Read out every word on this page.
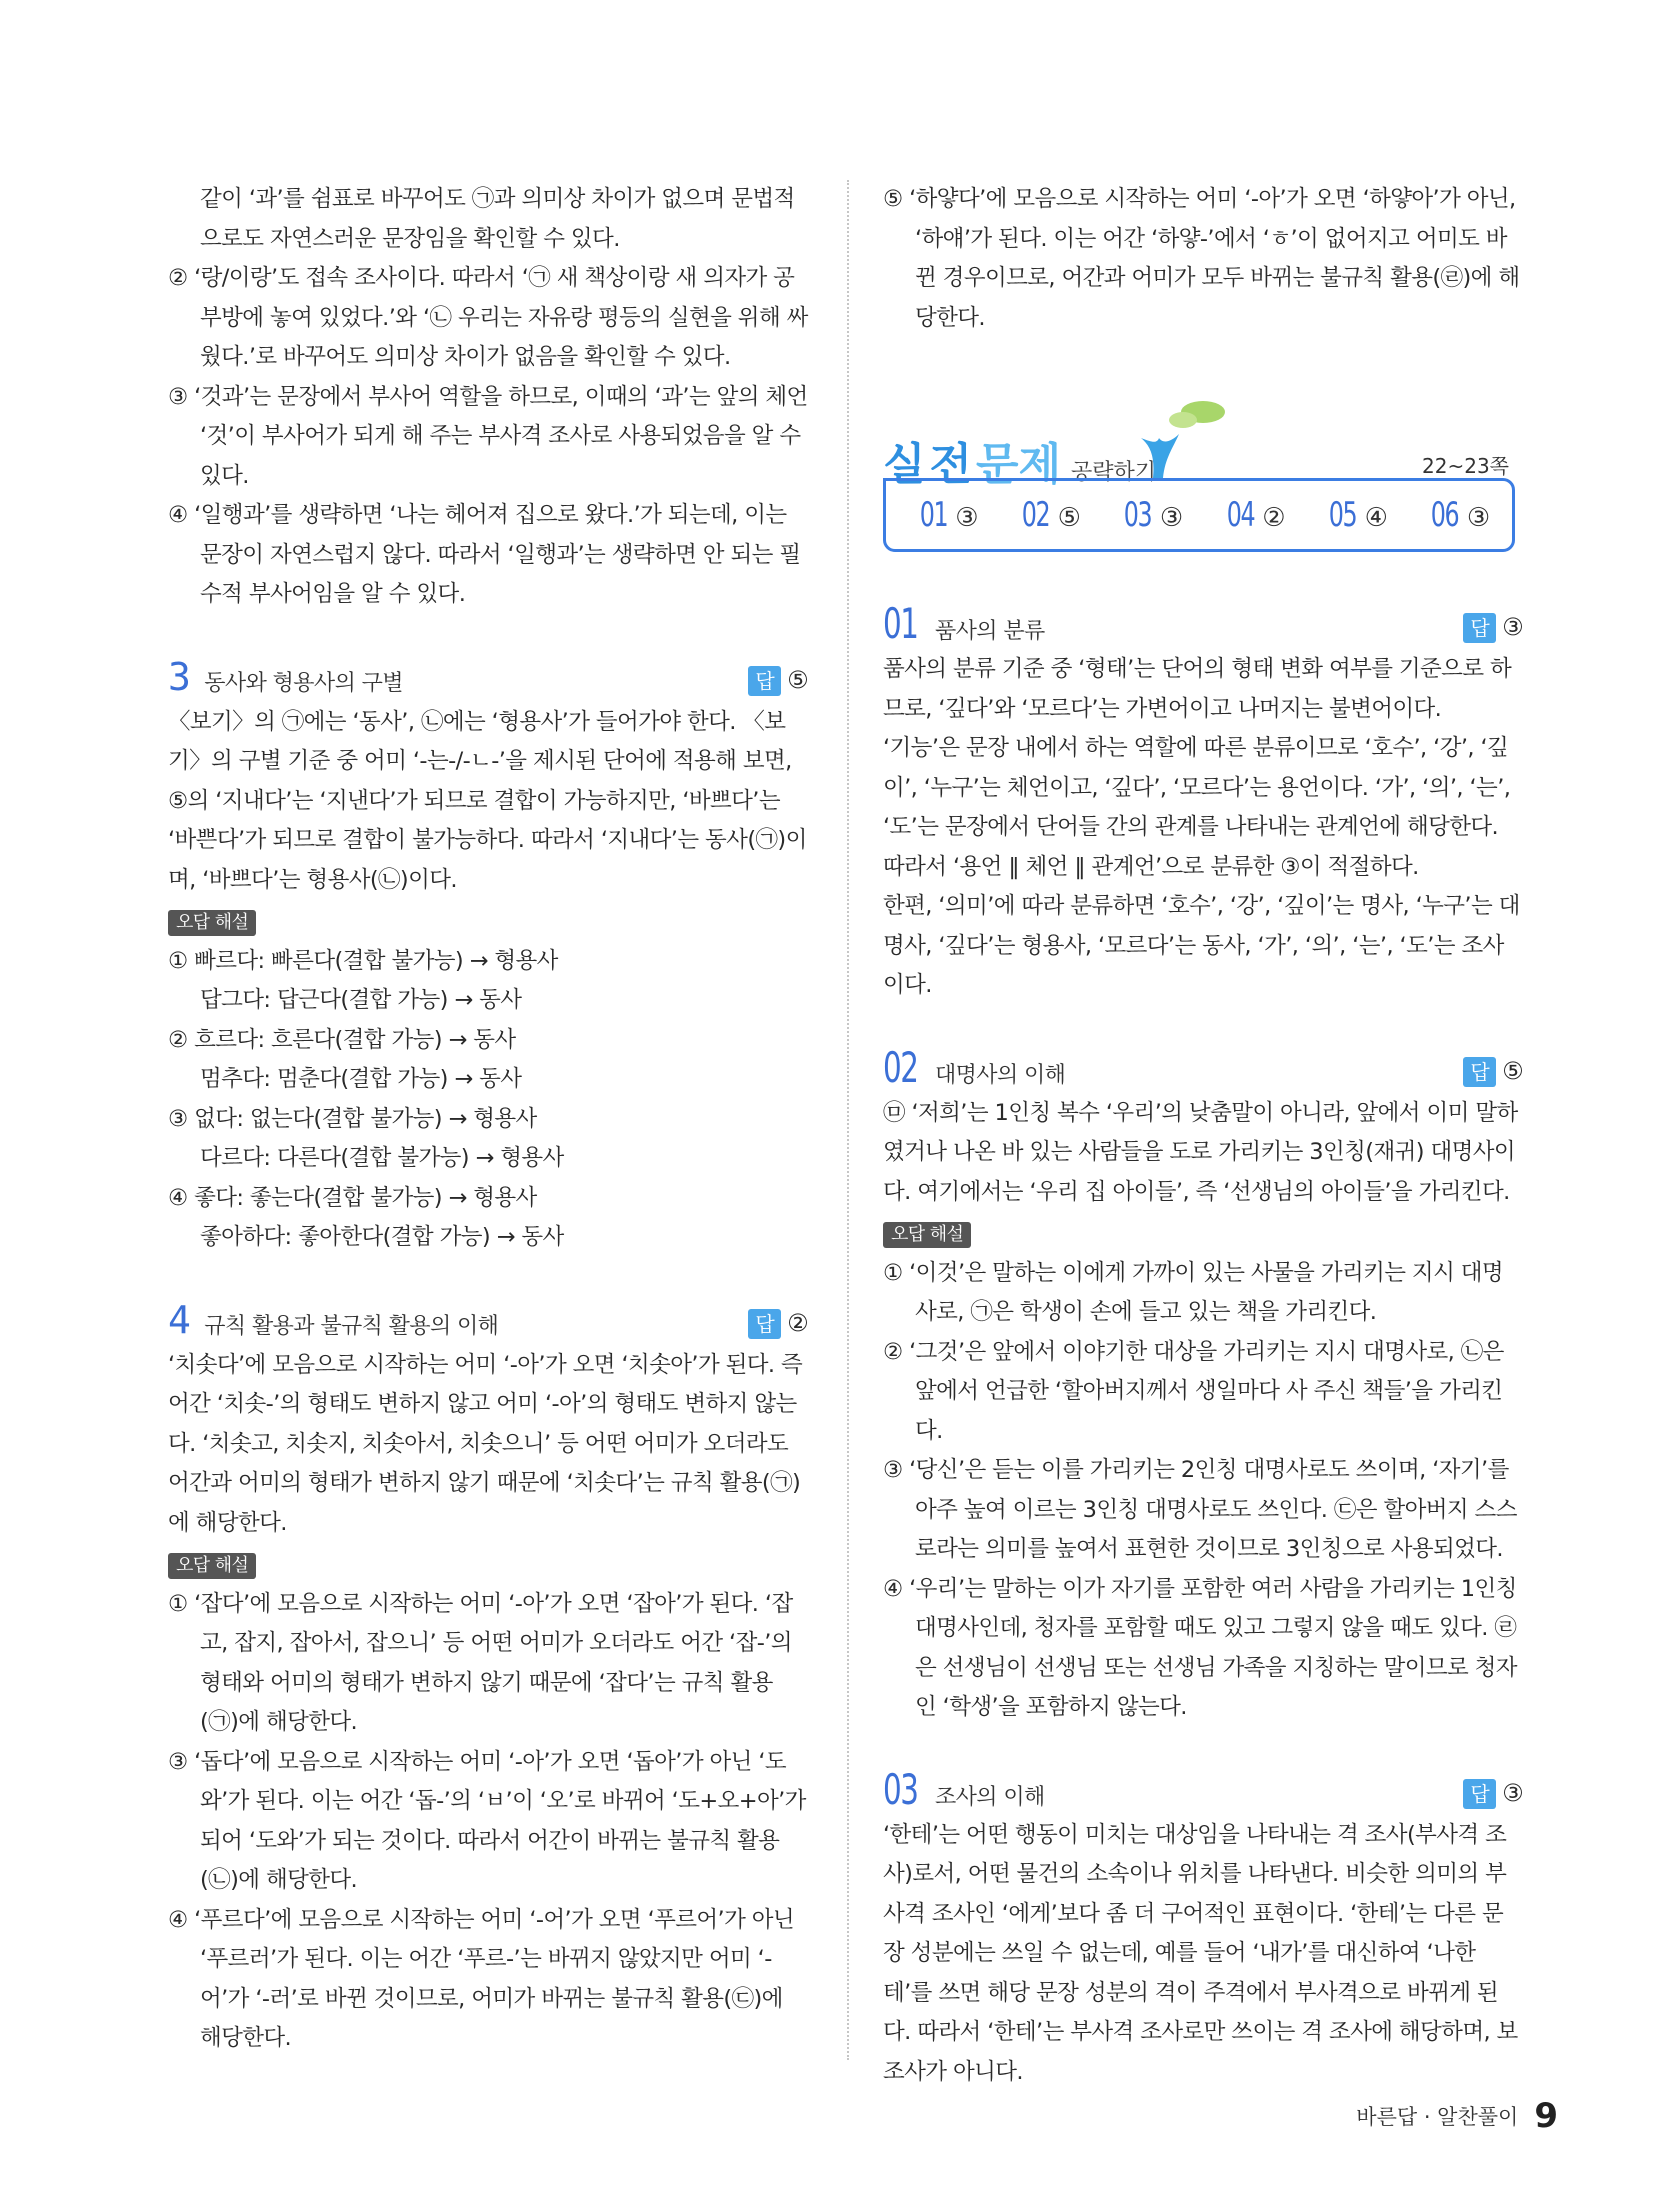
같이 ‘과’를 쉼표로 바꾸어도 ㉠과 의미상 차이가 없으며 문법적으로도 자연스러운 문장임을 확인할 수 있다.

② ‘랑/이랑’도 접속 조사이다. 따라서 ‘㉠ 새 책상이랑 새 의자가 공부방에 놓여 있었다.’와 ‘㉡ 우리는 자유랑 평등의 실현을 위해 싸웠다.’로 바꾸어도 의미상 차이가 없음을 확인할 수 있다.

③ ‘것과’는 문장에서 부사어 역할을 하므로, 이때의 ‘과’는 앞의 체언 ‘것’이 부사어가 되게 해 주는 부사격 조사로 사용되었음을 알 수 있다.

④ ‘일행과’를 생략하면 ‘나는 헤어져 집으로 왔다.’가 되는데, 이는 문장이 자연스럽지 않다. 따라서 ‘일행과’는 생략하면 안 되는 필수적 부사어임을 알 수 있다.

3 동사와 형용사의 구별	답 ⑤

〈보기〉의 ㉠에는 ‘동사’, ㉡에는 ‘형용사’가 들어가야 한다. 〈보기〉의 구별 기준 중 어미 ‘-는-/-ㄴ-’을 제시된 단어에 적용해 보면, ⑤의 ‘지내다’는 ‘지낸다’가 되므로 결합이 가능하지만, ‘바쁘다’는 ‘바쁜다’가 되므로 결합이 불가능하다. 따라서 ‘지내다’는 동사(㉠)이며, ‘바쁘다’는 형용사(㉡)이다.

오답 해설

① 빠르다: 빠른다(결합 불가능) → 형용사

답그다: 답근다(결합 가능) → 동사

② 흐르다: 흐른다(결합 가능) → 동사

멈추다: 멈춘다(결합 가능) → 동사

③ 없다: 없는다(결합 불가능) → 형용사

다르다: 다른다(결합 불가능) → 형용사

④ 좋다: 좋는다(결합 불가능) → 형용사

좋아하다: 좋아한다(결합 가능) → 동사

4 규칙 활용과 불규칙 활용의 이해	답 ②

‘치솟다’에 모음으로 시작하는 어미 ‘-아’가 오면 ‘치솟아’가 된다. 즉 어간 ‘치솟-’의 형태도 변하지 않고 어미 ‘-아’의 형태도 변하지 않는다. ‘치솟고, 치솟지, 치솟아서, 치솟으니’ 등 어떤 어미가 오더라도 어간과 어미의 형태가 변하지 않기 때문에 ‘치솟다’는 규칙 활용(㉠)에 해당한다.

오답 해설

① ‘잡다’에 모음으로 시작하는 어미 ‘-아’가 오면 ‘잡아’가 된다. ‘잡고, 잡지, 잡아서, 잡으니’ 등 어떤 어미가 오더라도 어간 ‘잡-’의 형태와 어미의 형태가 변하지 않기 때문에 ‘잡다’는 규칙 활용(㉠)에 해당한다.

③ ‘돕다’에 모음으로 시작하는 어미 ‘-아’가 오면 ‘돕아’가 아닌 ‘도와’가 된다. 이는 어간 ‘돕-’의 ‘ㅂ’이 ‘오’로 바뀌어 ‘도+오+아’가 되어 ‘도와’가 되는 것이다. 따라서 어간이 바뀌는 불규칙 활용(㉡)에 해당한다.

④ ‘푸르다’에 모음으로 시작하는 어미 ‘-어’가 오면 ‘푸르어’가 아닌 ‘푸르러’가 된다. 이는 어간 ‘푸르-’는 바뀌지 않았지만 어미 ‘-어’가 ‘-러’로 바뀐 것이므로, 어미가 바뀌는 불규칙 활용(㉢)에 해당한다.

⑤ ‘하얗다’에 모음으로 시작하는 어미 ‘-아’가 오면 ‘하얗아’가 아닌, ‘하얘’가 된다. 이는 어간 ‘하얗-’에서 ‘ㅎ’이 없어지고 어미도 바뀐 경우이므로, 어간과 어미가 모두 바뀌는 불규칙 활용(㉣)에 해당한다.

실 전 문제 공략하기	22~23쪽
01 ③	02 ⑤	03 ③	04 ②	05 ④	06 ③
01 품사의 분류	답 ③

품사의 분류 기준 중 ‘형태’는 단어의 형태 변화 여부를 기준으로 하므로, ‘깊다’와 ‘모르다’는 가변어이고 나머지는 불변어이다.

‘기능’은 문장 내에서 하는 역할에 따른 분류이므로 ‘호수’, ‘강’, ‘깊이’, ‘누구’는 체언이고, ‘깊다’, ‘모르다’는 용언이다. ‘가’, ‘의’, ‘는’, ‘도’는 문장에서 단어들 간의 관계를 나타내는 관계언에 해당한다. 따라서 ‘용언 ‖ 체언 ‖ 관계언’으로 분류한 ③이 적절하다.

한편, ‘의미’에 따라 분류하면 ‘호수’, ‘강’, ‘깊이’는 명사, ‘누구’는 대명사, ‘깊다’는 형용사, ‘모르다’는 동사, ‘가’, ‘의’, ‘는’, ‘도’는 조사이다.

02 대명사의 이해	답 ⑤

㉤ ‘저희’는 1인칭 복수 ‘우리’의 낮춤말이 아니라, 앞에서 이미 말하였거나 나온 바 있는 사람들을 도로 가리키는 3인칭(재귀) 대명사이다. 여기에서는 ‘우리 집 아이들’, 즉 ‘선생님의 아이들’을 가리킨다.

오답 해설

① ‘이것’은 말하는 이에게 가까이 있는 사물을 가리키는 지시 대명사로, ㉠은 학생이 손에 들고 있는 책을 가리킨다.

② ‘그것’은 앞에서 이야기한 대상을 가리키는 지시 대명사로, ㉡은 앞에서 언급한 ‘할아버지께서 생일마다 사 주신 책들’을 가리킨다.

③ ‘당신’은 듣는 이를 가리키는 2인칭 대명사로도 쓰이며, ‘자기’를 아주 높여 이르는 3인칭 대명사로도 쓰인다. ㉢은 할아버지 스스로라는 의미를 높여서 표현한 것이므로 3인칭으로 사용되었다.

④ ‘우리’는 말하는 이가 자기를 포함한 여러 사람을 가리키는 1인칭 대명사인데, 청자를 포함할 때도 있고 그렇지 않을 때도 있다. ㉣은 선생님이 선생님 또는 선생님 가족을 지칭하는 말이므로 청자인 ‘학생’을 포함하지 않는다.

03 조사의 이해	답 ③

‘한테’는 어떤 행동이 미치는 대상임을 나타내는 격 조사(부사격 조사)로서, 어떤 물건의 소속이나 위치를 나타낸다. 비슷한 의미의 부사격 조사인 ‘에게’보다 좀 더 구어적인 표현이다. ‘한테’는 다른 문장 성분에는 쓰일 수 없는데, 예를 들어 ‘내가’를 대신하여 ‘나한테’를 쓰면 해당 문장 성분의 격이 주격에서 부사격으로 바뀌게 된다. 따라서 ‘한테’는 부사격 조사로만 쓰이는 격 조사에 해당하며, 보조사가 아니다.

바른답 · 알찬풀이 9
